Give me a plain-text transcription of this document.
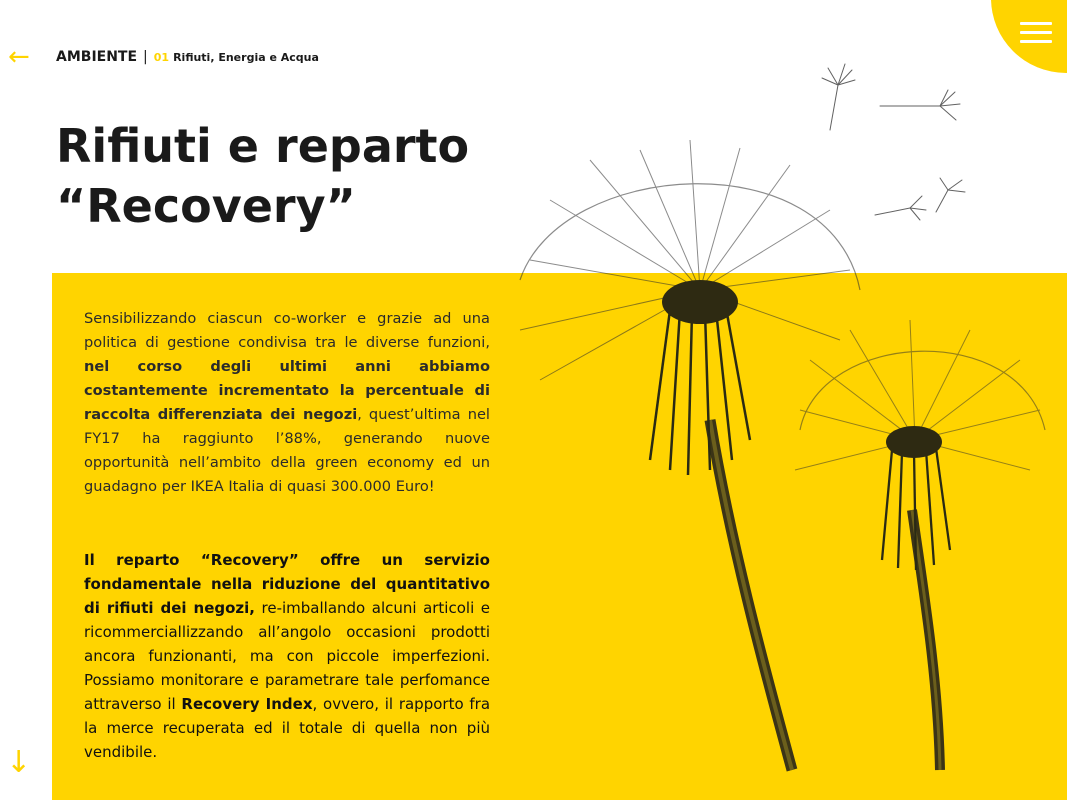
← AMBIENTE | 01 Rifiuti, Energia e Acqua
Rifiuti e reparto
“Recovery”

Sensibilizzando ciascun co-worker e grazie ad una politica di gestione condivisa tra le diverse funzioni, nel corso degli ultimi anni abbiamo costantemente incrementato la percentuale di raccolta differenziata dei negozi, quest’ultima nel FY17 ha raggiunto l’88%, generando nuove opportunità nell’ambito della green economy ed un guadagno per IKEA Italia di quasi 300.000 Euro!

Il reparto “Recovery” offre un servizio fondamentale nella riduzione del quantitativo di rifiuti dei negozi, re-imballando alcuni articoli e ricommerciallizzando all’angolo occasioni prodotti ancora funzionanti, ma con piccole imperfezioni. Possiamo monitorare e parametrare tale perfomance attraverso il Recovery Index, ovvero, il rapporto fra la merce recuperata ed il totale di quella non più vendibile.

↓
